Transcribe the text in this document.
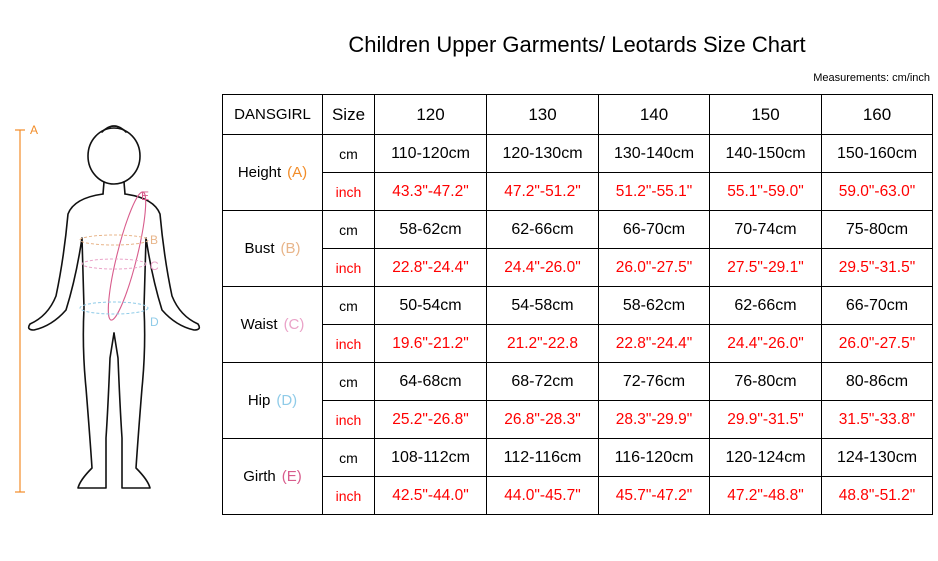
Children Upper Garments/ Leotards Size Chart
Measurements: cm/inch
A
E
B
C
D
DANSGIRL	Size	120	130	140	150	160
Height (A)	cm	110-120cm	120-130cm	130-140cm	140-150cm	150-160cm
	inch	43.3"-47.2"	47.2"-51.2"	51.2"-55.1"	55.1"-59.0"	59.0"-63.0"
Bust (B)	cm	58-62cm	62-66cm	66-70cm	70-74cm	75-80cm
	inch	22.8"-24.4"	24.4"-26.0"	26.0"-27.5"	27.5"-29.1"	29.5"-31.5"
Waist (C)	cm	50-54cm	54-58cm	58-62cm	62-66cm	66-70cm
	inch	19.6"-21.2"	21.2"-22.8	22.8"-24.4"	24.4"-26.0"	26.0"-27.5"
Hip (D)	cm	64-68cm	68-72cm	72-76cm	76-80cm	80-86cm
	inch	25.2"-26.8"	26.8"-28.3"	28.3"-29.9"	29.9"-31.5"	31.5"-33.8"
Girth (E)	cm	108-112cm	112-116cm	116-120cm	120-124cm	124-130cm
	inch	42.5"-44.0"	44.0"-45.7"	45.7"-47.2"	47.2"-48.8"	48.8"-51.2"
